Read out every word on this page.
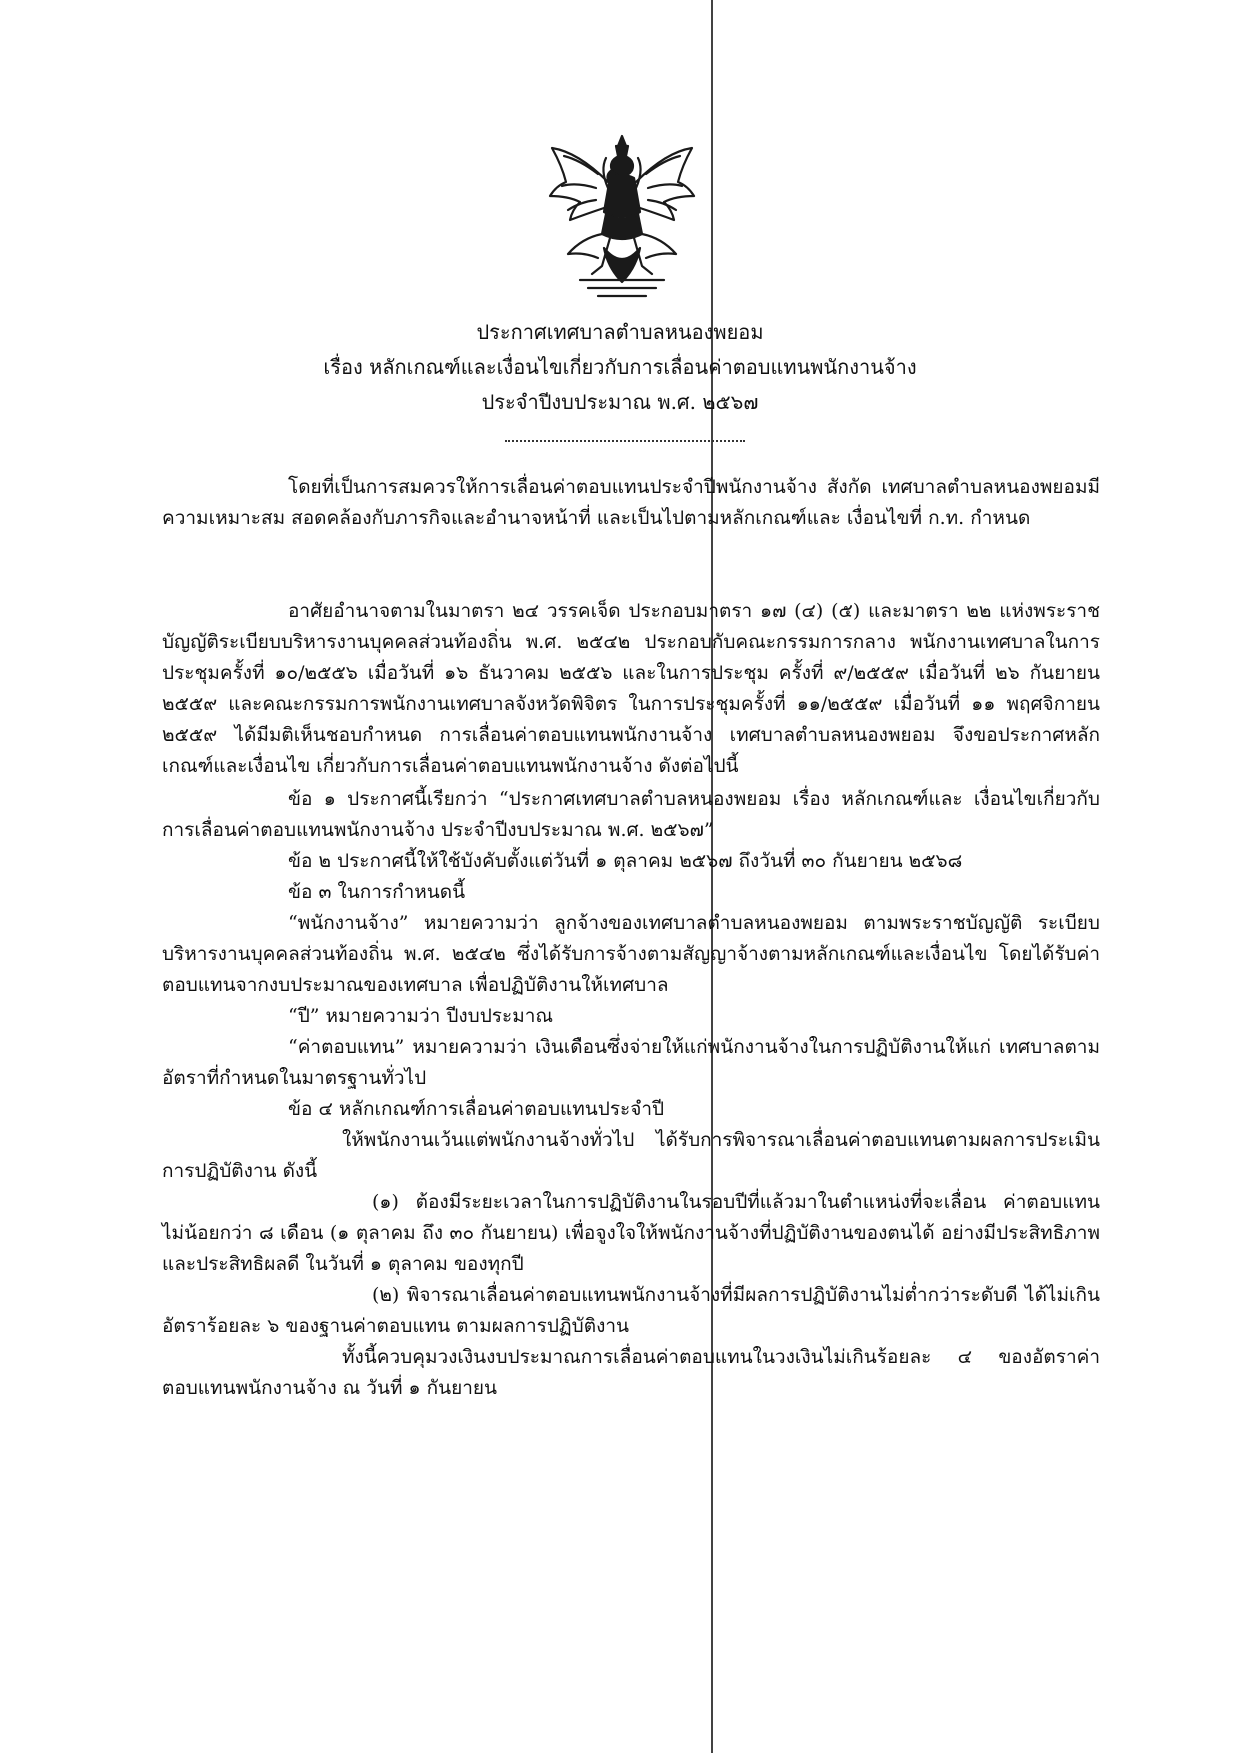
ประกาศเทศบาลตำบลหนองพยอม
เรื่อง หลักเกณฑ์และเงื่อนไขเกี่ยวกับการเลื่อนค่าตอบแทนพนักงานจ้าง
ประจำปีงบประมาณ พ.ศ. ๒๕๖๗

โดยที่เป็นการสมควรให้การเลื่อนค่าตอบแทนประจำปีพนักงานจ้าง สังกัด เทศบาลตำบลหนองพยอมมีความเหมาะสม สอดคล้องกับภารกิจและอำนาจหน้าที่ และเป็นไปตามหลักเกณฑ์และ เงื่อนไขที่ ก.ท. กำหนด

อาศัยอำนาจตามในมาตรา ๒๔ วรรคเจ็ด ประกอบมาตรา ๑๗ (๔) (๕) และมาตรา ๒๒ แห่งพระราชบัญญัติระเบียบบริหารงานบุคคลส่วนท้องถิ่น พ.ศ. ๒๕๔๒ ประกอบกับคณะกรรมการกลาง พนักงานเทศบาลในการประชุมครั้งที่ ๑๐/๒๕๕๖ เมื่อวันที่ ๑๖ ธันวาคม ๒๕๕๖ และในการประชุม ครั้งที่ ๙/๒๕๕๙ เมื่อวันที่ ๒๖ กันยายน ๒๕๕๙ และคณะกรรมการพนักงานเทศบาลจังหวัดพิจิตร ในการประชุมครั้งที่ ๑๑/๒๕๕๙ เมื่อวันที่ ๑๑ พฤศจิกายน ๒๕๕๙ ได้มีมติเห็นชอบกำหนด การเลื่อนค่าตอบแทนพนักงานจ้าง เทศบาลตำบลหนองพยอม จึงขอประกาศหลักเกณฑ์และเงื่อนไข เกี่ยวกับการเลื่อนค่าตอบแทนพนักงานจ้าง ดังต่อไปนี้

ข้อ ๑ ประกาศนี้เรียกว่า “ประกาศเทศบาลตำบลหนองพยอม เรื่อง หลักเกณฑ์และ เงื่อนไขเกี่ยวกับการเลื่อนค่าตอบแทนพนักงานจ้าง ประจำปีงบประมาณ พ.ศ. ๒๕๖๗”

ข้อ ๒ ประกาศนี้ให้ใช้บังคับตั้งแต่วันที่ ๑ ตุลาคม ๒๕๖๗ ถึงวันที่ ๓๐ กันยายน ๒๕๖๘

ข้อ ๓ ในการกำหนดนี้

“พนักงานจ้าง” หมายความว่า ลูกจ้างของเทศบาลตำบลหนองพยอม ตามพระราชบัญญัติ ระเบียบบริหารงานบุคคลส่วนท้องถิ่น พ.ศ. ๒๕๔๒ ซึ่งได้รับการจ้างตามสัญญาจ้างตามหลักเกณฑ์และเงื่อนไข โดยได้รับค่าตอบแทนจากงบประมาณของเทศบาล เพื่อปฏิบัติงานให้เทศบาล

“ปี” หมายความว่า ปีงบประมาณ

“ค่าตอบแทน” หมายความว่า เงินเดือนซึ่งจ่ายให้แก่พนักงานจ้างในการปฏิบัติงานให้แก่ เทศบาลตามอัตราที่กำหนดในมาตรฐานทั่วไป

ข้อ ๔ หลักเกณฑ์การเลื่อนค่าตอบแทนประจำปี

ให้พนักงานเว้นแต่พนักงานจ้างทั่วไป ได้รับการพิจารณาเลื่อนค่าตอบแทนตามผลการประเมินการปฏิบัติงาน ดังนี้

(๑) ต้องมีระยะเวลาในการปฏิบัติงานในรอบปีที่แล้วมาในตำแหน่งที่จะเลื่อน ค่าตอบแทนไม่น้อยกว่า ๘ เดือน (๑ ตุลาคม ถึง ๓๐ กันยายน) เพื่อจูงใจให้พนักงานจ้างที่ปฏิบัติงานของตนได้ อย่างมีประสิทธิภาพและประสิทธิผลดี ในวันที่ ๑ ตุลาคม ของทุกปี

(๒) พิจารณาเลื่อนค่าตอบแทนพนักงานจ้างที่มีผลการปฏิบัติงานไม่ต่ำกว่าระดับดี ได้ไม่เกินอัตราร้อยละ ๖ ของฐานค่าตอบแทน ตามผลการปฏิบัติงาน

ทั้งนี้ควบคุมวงเงินงบประมาณการเลื่อนค่าตอบแทนในวงเงินไม่เกินร้อยละ ๔ ของอัตราค่าตอบแทนพนักงานจ้าง ณ วันที่ ๑ กันยายน
